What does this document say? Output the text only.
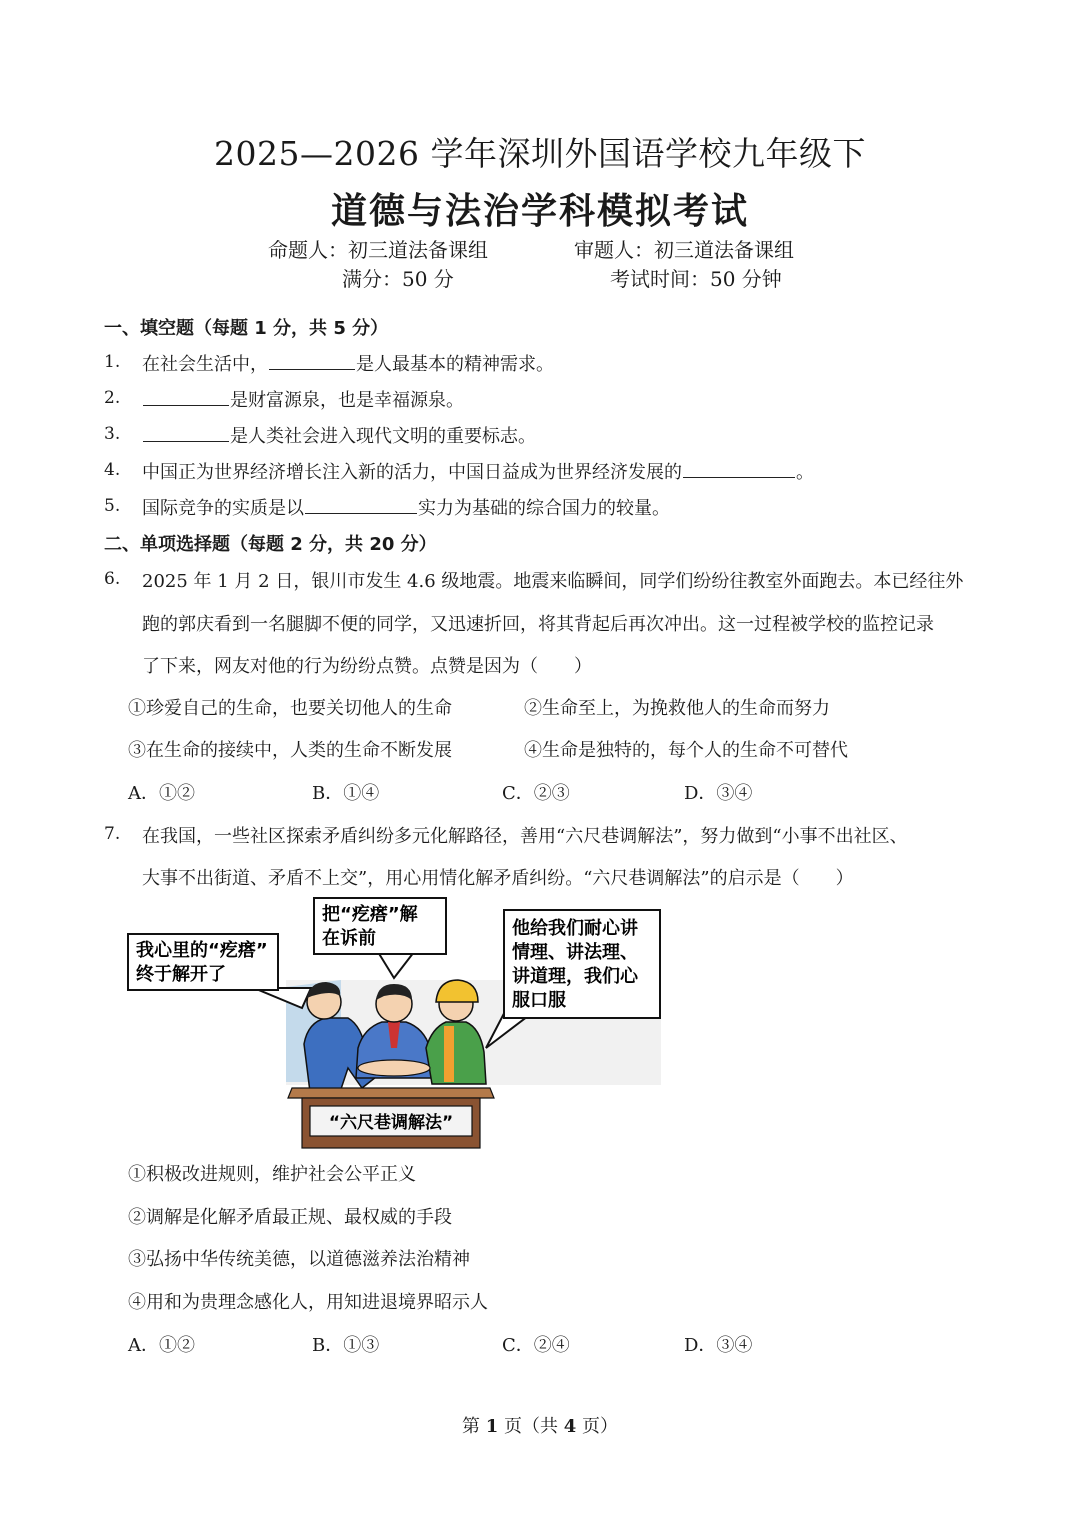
2025—2026 学年深圳外国语学校九年级下
道德与法治学科模拟考试
命题人：初三道法备课组	审题人：初三道法备课组
满分：50 分	考试时间：50 分钟
一、填空题（每题 1 分，共 5 分）
1. 在社会生活中，	是人最基本的精神需求。
2.	是财富源泉，也是幸福源泉。
3.	是人类社会进入现代文明的重要标志。
4. 中国正为世界经济增长注入新的活力，中国日益成为世界经济发展的	。
5. 国际竞争的实质是以	实力为基础的综合国力的较量。
二、单项选择题（每题 2 分，共 20 分）
6. 2025 年 1 月 2 日，银川市发生 4.6 级地震。地震来临瞬间，同学们纷纷往教室外面跑去。本已经往外
跑的郭庆看到一名腿脚不便的同学，又迅速折回，将其背起后再次冲出。这一过程被学校的监控记录
了下来，网友对他的行为纷纷点赞。点赞是因为（　　）
①珍爱自己的生命，也要关切他人的生命	②生命至上，为挽救他人的生命而努力
③在生命的接续中，人类的生命不断发展	④生命是独特的，每个人的生命不可替代
A．①②	B．①④	C．②③	D．③④
7. 在我国，一些社区探索矛盾纠纷多元化解路径，善用“六尺巷调解法”，努力做到“小事不出社区、
大事不出街道、矛盾不上交”，用心用情化解矛盾纠纷。“六尺巷调解法”的启示是（　　）
我心里的“疙瘩”
终于解开了
把“疙瘩”解
在诉前	他给我们耐心讲
情理、讲法理、
讲道理，我们心
服口服
“六尺巷调解法”
①积极改进规则，维护社会公平正义
②调解是化解矛盾最正规、最权威的手段
③弘扬中华传统美德，以道德滋养法治精神
④用和为贵理念感化人，用知进退境界昭示人
A．①②	B．①③	C．②④	D．③④
第 1 页（共 4 页）
